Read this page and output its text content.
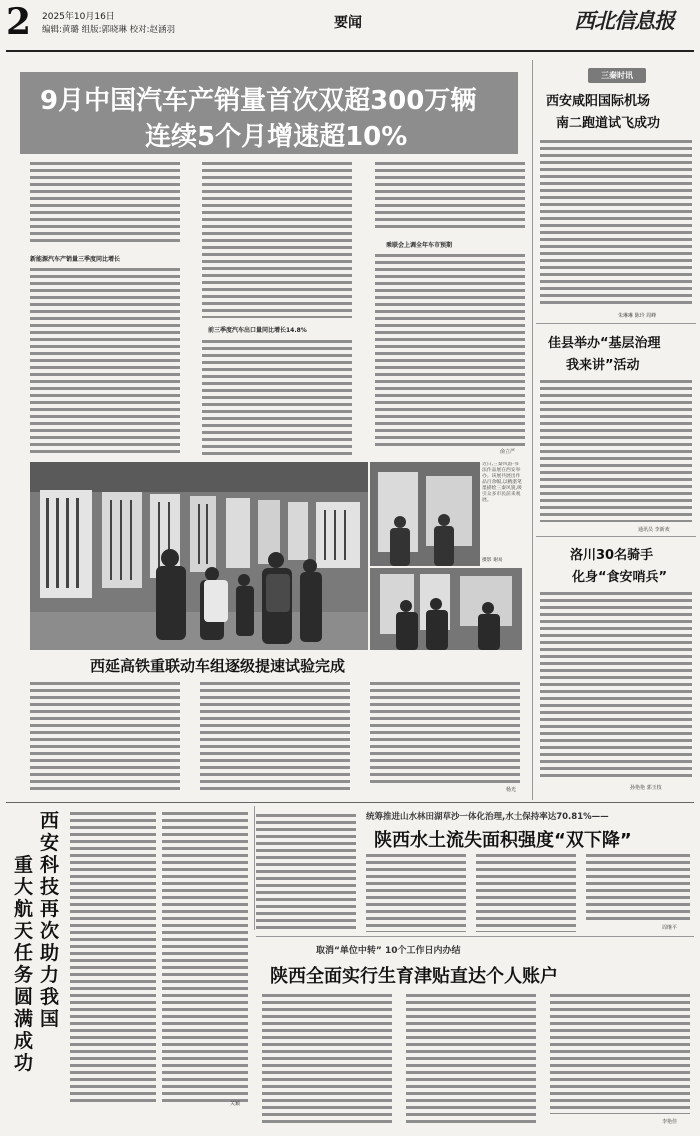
2 2025年10月16日
编辑:黄璐 组版:郭晓琳 校对:赵涵羽	要闻	西北信息报
9月中国汽车产销量首次双超300万辆
连续5个月增速超10%
新能源汽车产销量三季度同比增长
前三季度汽车出口量同比增长14.8%
乘联会上调全年车市预期
俞立严
近日,三秦风韵·书法作品展在西安举办。该展共展出作品百余幅,以精湛笔墨描绘三秦风貌,吸引众多市民前来观展。
摄影 谢易
西延高铁重联动车组逐级提速试验完成
杨光
三秦时讯
西安咸阳国际机场
南二跑道试飞成功
朱琳琳 陈玲 周峰
佳县举办“基层治理
我来讲”活动
通讯员 李新欢
洛川30名骑手
化身“食安哨兵”
孙艳艳 郭玉枝
西安科技再次助力我国
重大航天任务圆满成功
关颖
统筹推进山水林田湖草沙一体化治理,水土保持率达70.81%——
陕西水土流失面积强度“双下降”
周继平
取消“单位中转” 10个工作日内办结
陕西全面实行生育津贴直达个人账户
李艳佳
